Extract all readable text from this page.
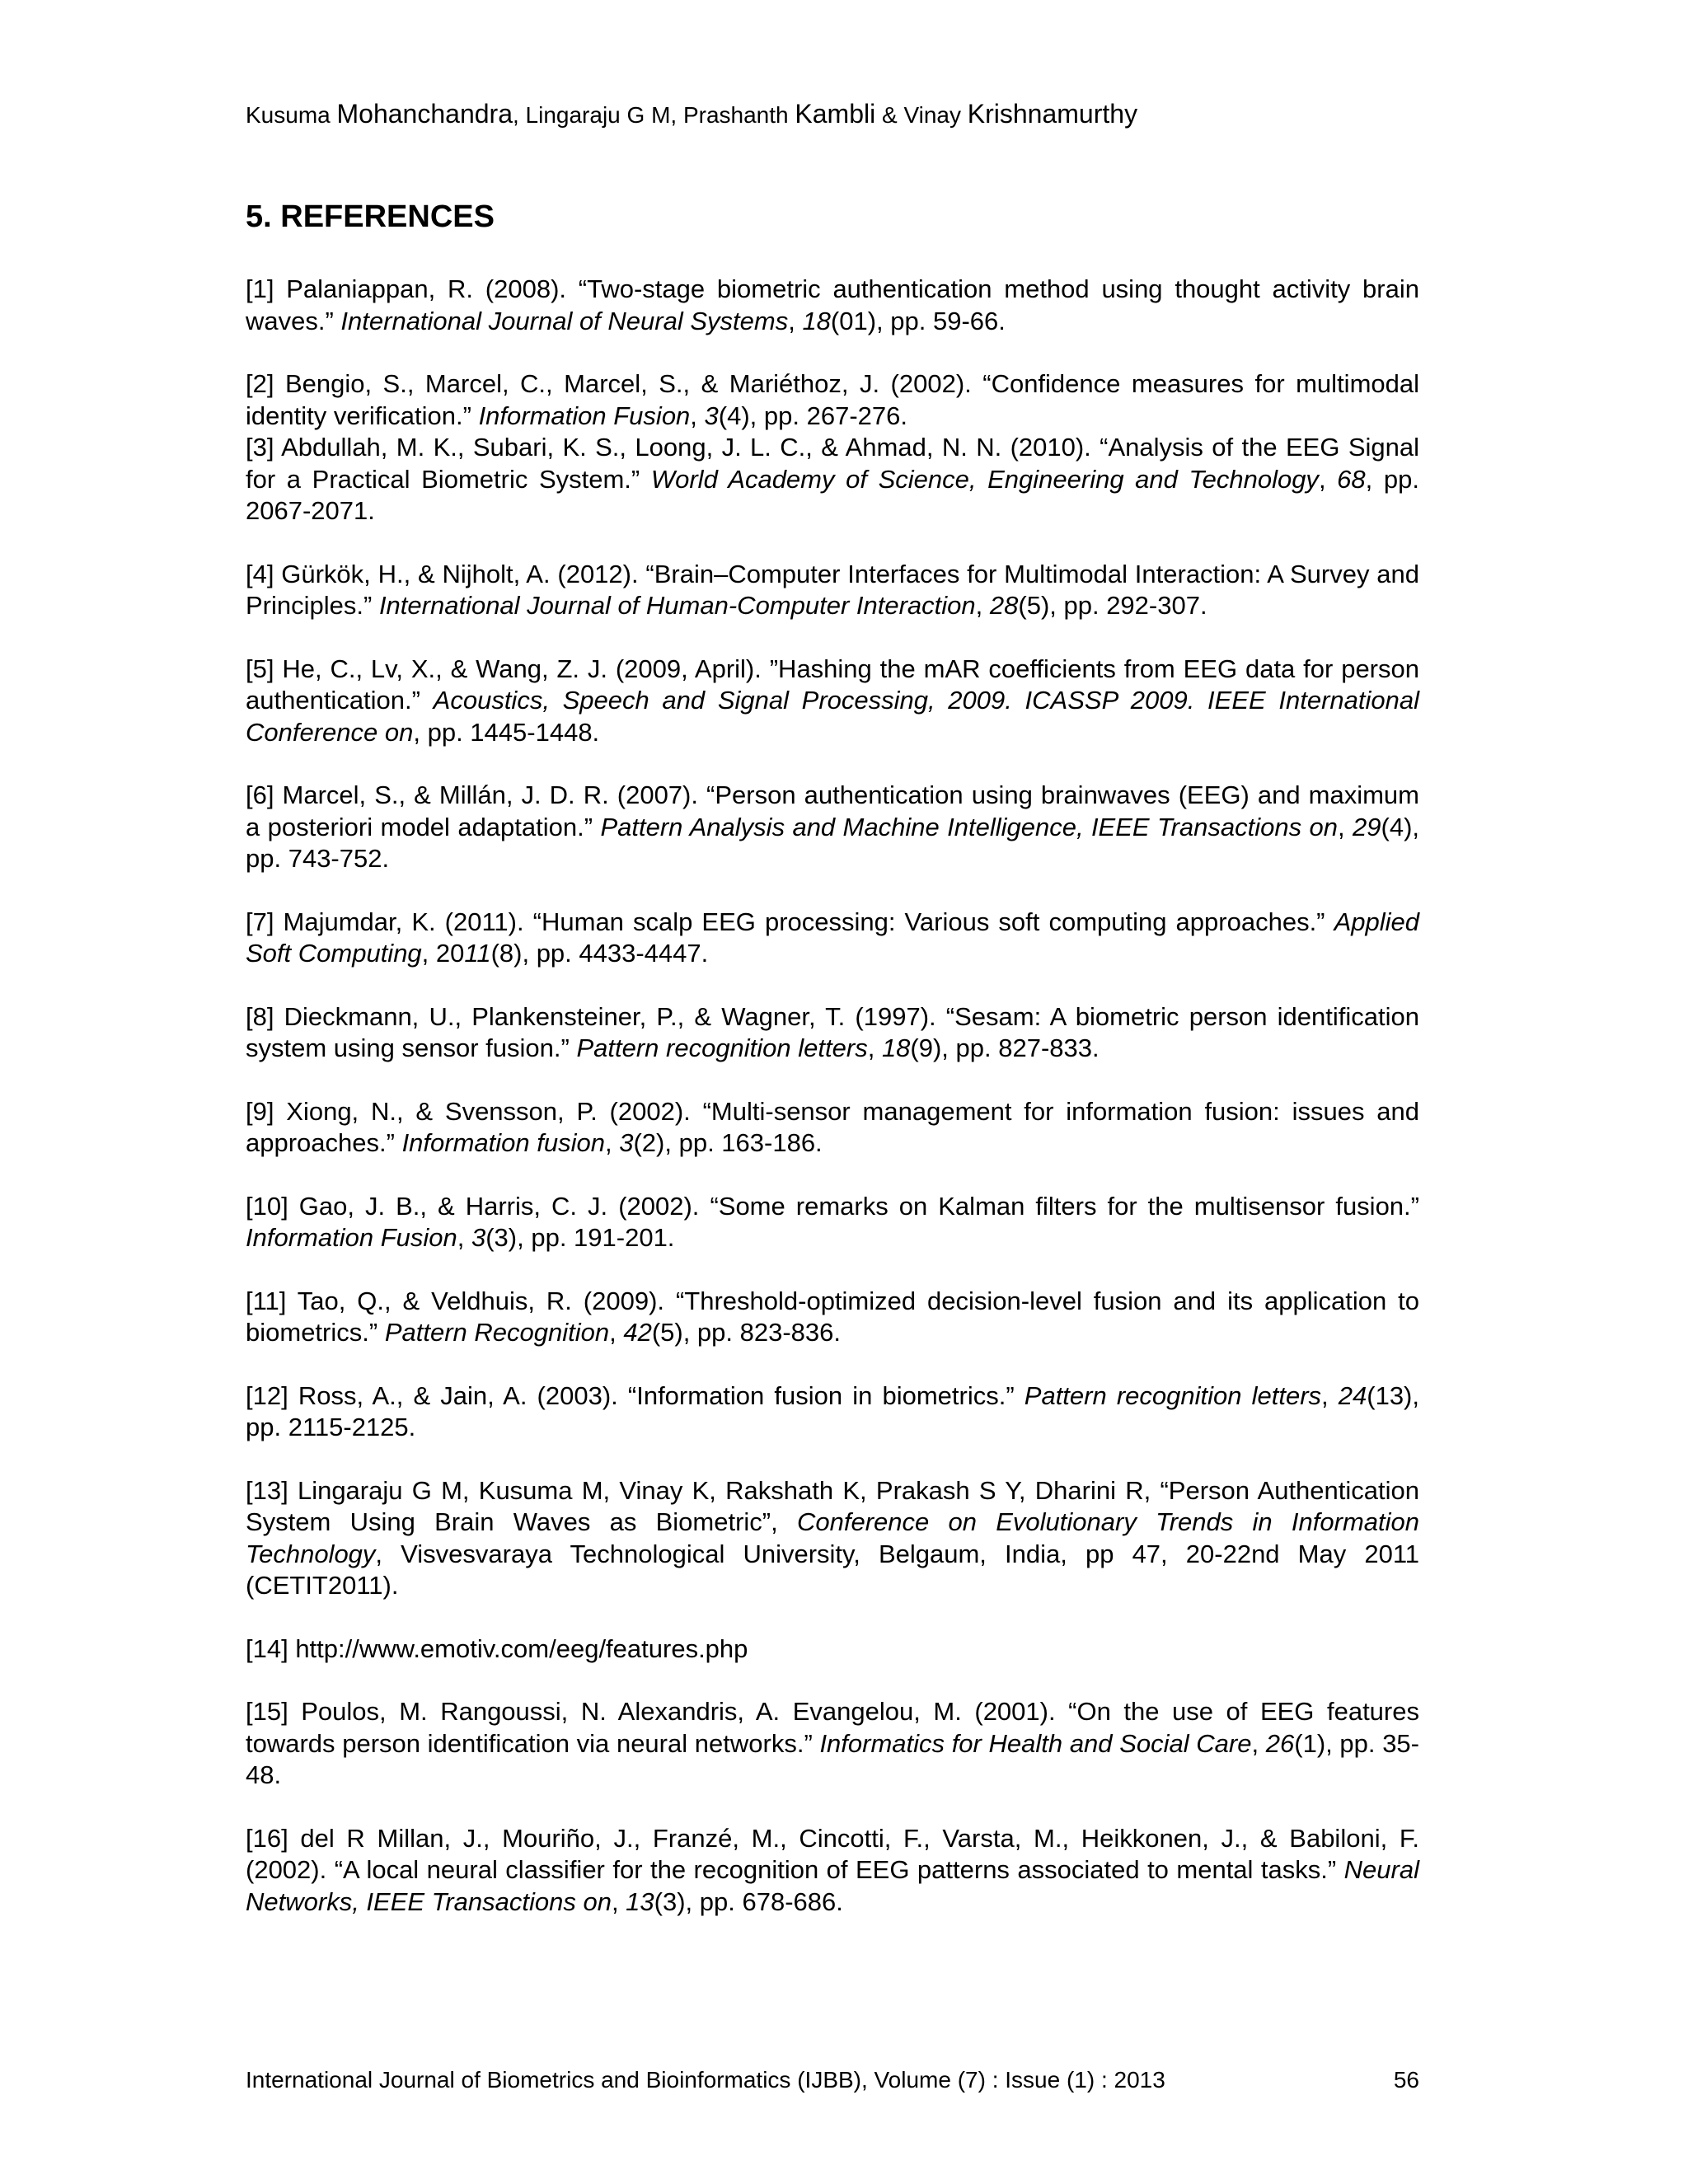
Kusuma Mohanchandra, Lingaraju G M, Prashanth Kambli & Vinay Krishnamurthy
5. REFERENCES

[1] Palaniappan, R. (2008). “Two-stage biometric authentication method using thought activity brain waves.” International Journal of Neural Systems, 18(01), pp. 59-66.

[2] Bengio, S., Marcel, C., Marcel, S., & Mariéthoz, J. (2002). “Confidence measures for multimodal identity verification.” Information Fusion, 3(4), pp. 267-276.

[3] Abdullah, M. K., Subari, K. S., Loong, J. L. C., & Ahmad, N. N. (2010). “Analysis of the EEG Signal for a Practical Biometric System.” World Academy of Science, Engineering and Technology, 68, pp. 2067-2071.

[4] Gürkök, H., & Nijholt, A. (2012). “Brain–Computer Interfaces for Multimodal Interaction: A Survey and Principles.” International Journal of Human-Computer Interaction, 28(5), pp. 292-307.

[5] He, C., Lv, X., & Wang, Z. J. (2009, April). ”Hashing the mAR coefficients from EEG data for person authentication.” Acoustics, Speech and Signal Processing, 2009. ICASSP 2009. IEEE International Conference on, pp. 1445-1448.

[6] Marcel, S., & Millán, J. D. R. (2007). “Person authentication using brainwaves (EEG) and maximum a posteriori model adaptation.” Pattern Analysis and Machine Intelligence, IEEE Transactions on, 29(4), pp. 743-752.

[7] Majumdar, K. (2011). “Human scalp EEG processing: Various soft computing approaches.” Applied Soft Computing, 2011(8), pp. 4433-4447.

[8] Dieckmann, U., Plankensteiner, P., & Wagner, T. (1997). “Sesam: A biometric person identification system using sensor fusion.” Pattern recognition letters, 18(9), pp. 827-833.

[9] Xiong, N., & Svensson, P. (2002). “Multi-sensor management for information fusion: issues and approaches.” Information fusion, 3(2), pp. 163-186.

[10] Gao, J. B., & Harris, C. J. (2002). “Some remarks on Kalman filters for the multisensor fusion.” Information Fusion, 3(3), pp. 191-201.

[11] Tao, Q., & Veldhuis, R. (2009). “Threshold-optimized decision-level fusion and its application to biometrics.” Pattern Recognition, 42(5), pp. 823-836.

[12] Ross, A., & Jain, A. (2003). “Information fusion in biometrics.” Pattern recognition letters, 24(13), pp. 2115-2125.

[13] Lingaraju G M, Kusuma M, Vinay K, Rakshath K, Prakash S Y, Dharini R, “Person Authentication System Using Brain Waves as Biometric”, Conference on Evolutionary Trends in Information Technology, Visvesvaraya Technological University, Belgaum, India, pp 47, 20-22nd May 2011 (CETIT2011).

[14] http://www.emotiv.com/eeg/features.php

[15] Poulos, M. Rangoussi, N. Alexandris, A. Evangelou, M. (2001). “On the use of EEG features towards person identification via neural networks.” Informatics for Health and Social Care, 26(1), pp. 35-48.

[16] del R Millan, J., Mouriño, J., Franzé, M., Cincotti, F., Varsta, M., Heikkonen, J., & Babiloni, F. (2002). “A local neural classifier for the recognition of EEG patterns associated to mental tasks.” Neural Networks, IEEE Transactions on, 13(3), pp. 678-686.

International Journal of Biometrics and Bioinformatics (IJBB), Volume (7) : Issue (1) : 2013	56
